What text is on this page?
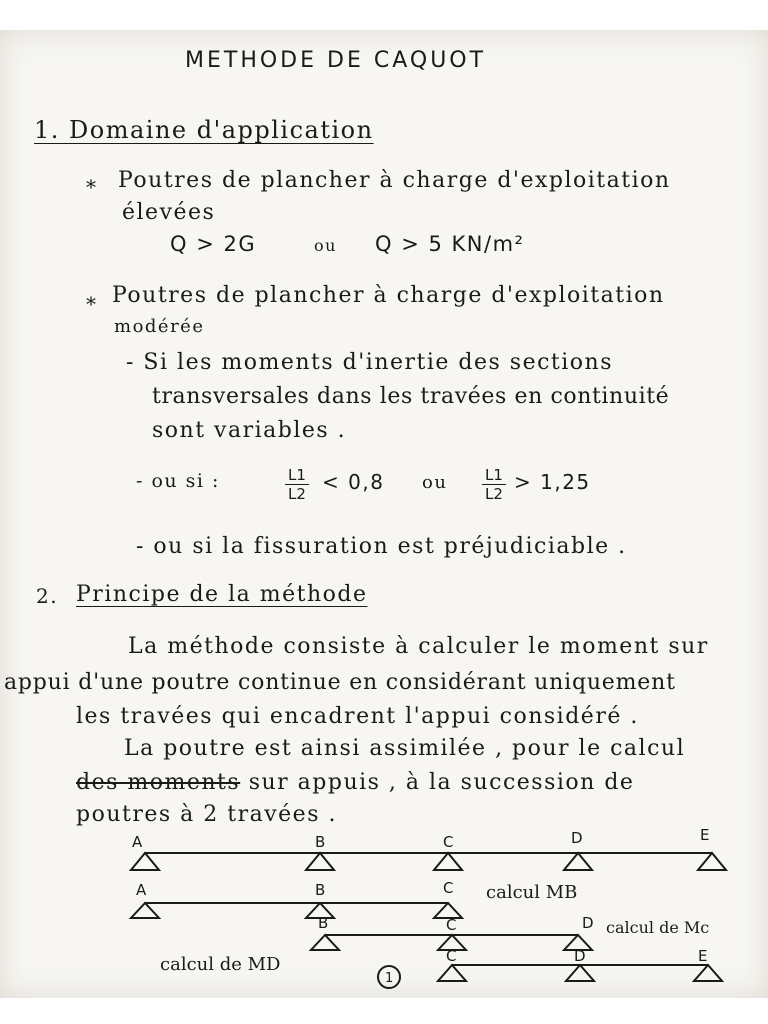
METHODE DE CAQUOT
1. Domaine d'application
* Poutres de plancher à charge d'exploitation
élevées
Q > 2G	ou Q > 5 KN/m²
* Poutres de plancher à charge d'exploitation
modérée
- Si les moments d'inertie des sections
transversales dans les travées en continuité
sont variables .
- ou si :	$\frac{L1}{L2} < 0,8$ ou $\frac{L1}{L2} > 1,25$
- ou si la fissuration est préjudiciable .
2. Principe de la méthode
La méthode consiste à calculer le moment sur
appui d'une poutre continue en considérant uniquement
les travées qui encadrent l'appui considéré .
La poutre est ainsi assimilée , pour le calcul
des moments sur appuis , à la succession de
poutres à 2 travées .
A	B	C	D	E
A	B	C calcul MB
B	C	D calcul de Mc
C	D	E
calcul de MD
1
